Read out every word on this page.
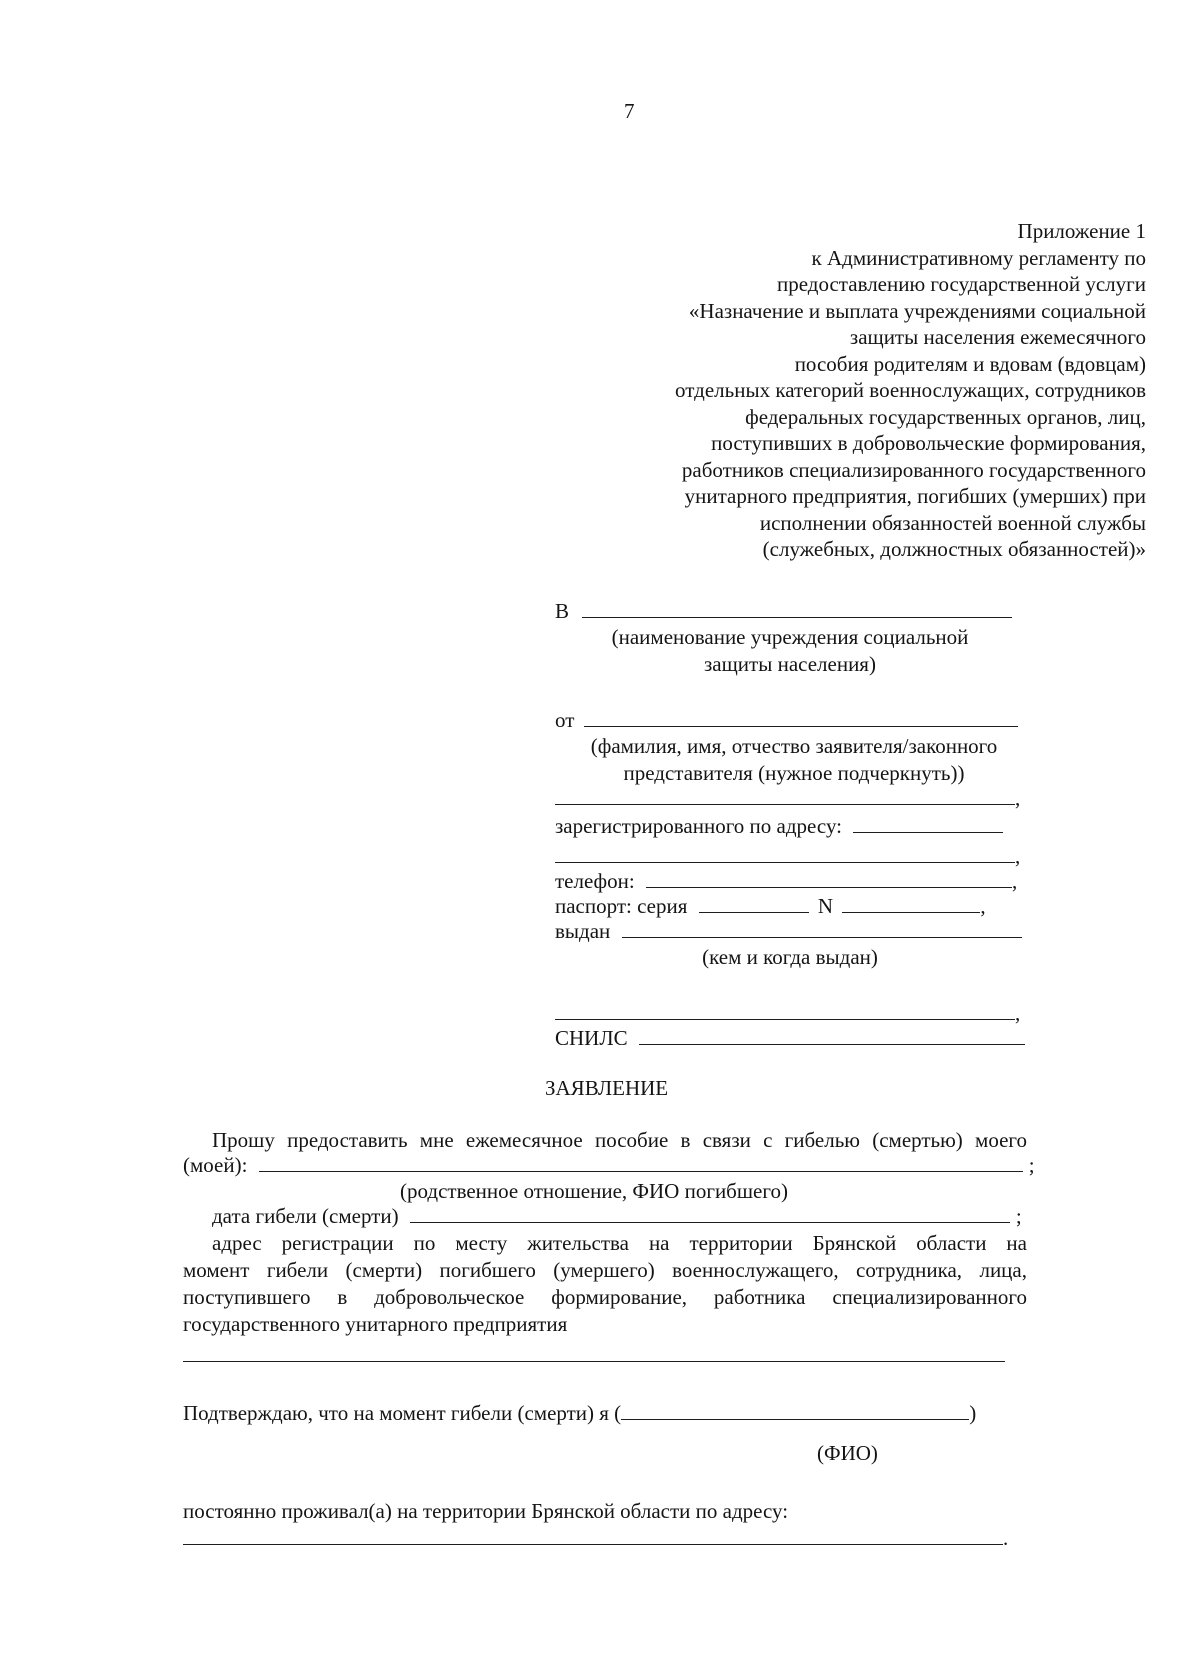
7
Приложение 1
к Административному регламенту по
предоставлению государственной услуги
«Назначение и выплата учреждениями социальной
защиты населения ежемесячного
пособия родителям и вдовам (вдовцам)
отдельных категорий военнослужащих, сотрудников
федеральных государственных органов, лиц,
поступивших в добровольческие формирования,
работников специализированного государственного
унитарного предприятия, погибших (умерших) при
исполнении обязанностей военной службы
(служебных, должностных обязанностей)»
В
(наименование учреждения социальной
защиты населения)
от
(фамилия, имя, отчество заявителя/законного
представителя (нужное подчеркнуть))
,
зарегистрированного по адресу:
,
телефон:	,
паспорт: серия	N	,
выдан
(кем и когда выдан)
,
СНИЛС
ЗАЯВЛЕНИЕ
Прошу предоставить мне ежемесячное пособие в связи с гибелью (смертью) моего
(моей):	;
(родственное отношение, ФИО погибшего)
дата гибели (смерти)	;
адрес регистрации по месту жительства на территории Брянской области на
момент гибели (смерти) погибшего (умершего) военнослужащего, сотрудника, лица,
поступившего в добровольческое формирование, работника специализированного
государственного унитарного предприятия
Подтверждаю, что на момент гибели (смерти) я (	)
(ФИО)
постоянно проживал(а) на территории Брянской области по адресу:
.
